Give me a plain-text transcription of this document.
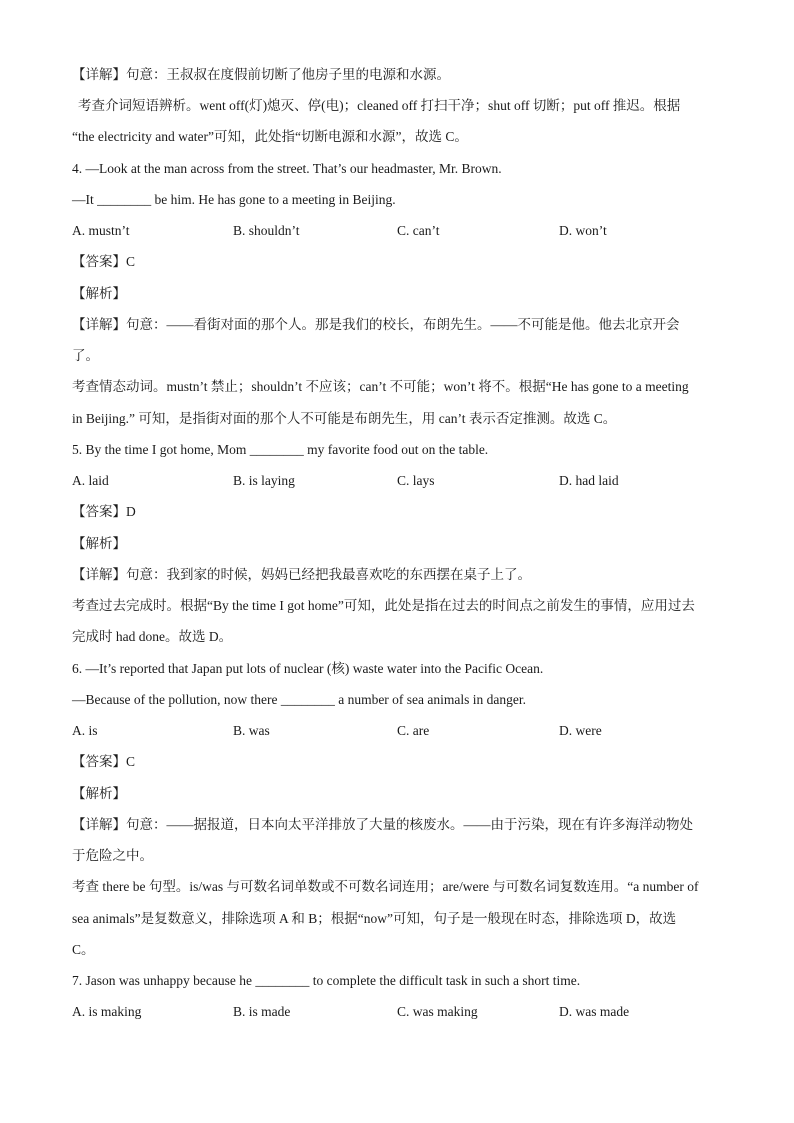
【详解】句意：王叔叔在度假前切断了他房子里的电源和水源。
考查介词短语辨析。went off(灯)熄灭、停(电)；cleaned off 打扫干净；shut off 切断；put off 推迟。根据
“the electricity and water”可知，此处指“切断电源和水源”，故选 C。
4. —Look at the man across from the street. That’s our headmaster, Mr. Brown.
—It ________ be him. He has gone to a meeting in Beijing.
A. mustn’t	B. shouldn’t	C. can’t	D. won’t
【答案】C
【解析】
【详解】句意：——看街对面的那个人。那是我们的校长，布朗先生。——不可能是他。他去北京开会
了。
考查情态动词。mustn’t 禁止；shouldn’t 不应该；can’t 不可能；won’t 将不。根据“He has gone to a meeting
in Beijing.” 可知，是指街对面的那个人不可能是布朗先生，用 can’t 表示否定推测。故选 C。
5. By the time I got home, Mom ________ my favorite food out on the table.
A. laid	B. is laying	C. lays	D. had laid
【答案】D
【解析】
【详解】句意：我到家的时候，妈妈已经把我最喜欢吃的东西摆在桌子上了。
考查过去完成时。根据“By the time I got home”可知，此处是指在过去的时间点之前发生的事情，应用过去
完成时 had done。故选 D。
6. —It’s reported that Japan put lots of nuclear (核) waste water into the Pacific Ocean.
—Because of the pollution, now there ________ a number of sea animals in danger.
A. is	B. was	C. are	D. were
【答案】C
【解析】
【详解】句意：——据报道，日本向太平洋排放了大量的核废水。——由于污染，现在有许多海洋动物处
于危险之中。
考查 there be 句型。is/was 与可数名词单数或不可数名词连用；are/were 与可数名词复数连用。“a number of
sea animals”是复数意义，排除选项 A 和 B；根据“now”可知，句子是一般现在时态，排除选项 D，故选
C。
7. Jason was unhappy because he ________ to complete the difficult task in such a short time.
A. is making	B. is made	C. was making	D. was made
